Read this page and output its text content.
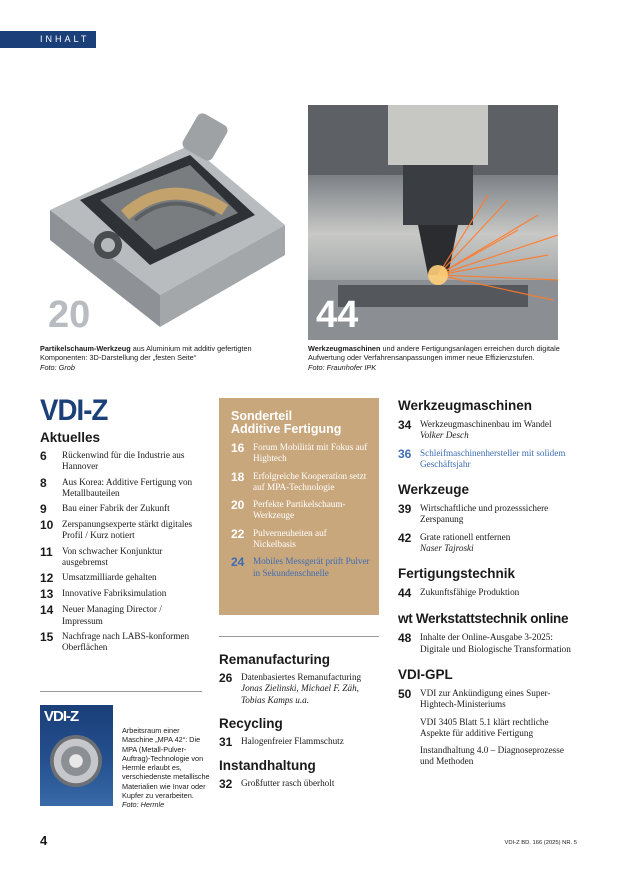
INHALT
20	44
Partikelschaum-Werkzeug aus Aluminium mit additiv gefertigten Komponenten: 3D-Darstellung der „festen Seite“
Foto: Grob
Werkzeugmaschinen und andere Fertigungsanlagen erreichen durch digitale Aufwertung oder Verfahrensanpassungen immer neue Effizienzstufen.
Foto: Fraunhofer IPK
VDI-Z
Aktuelles
6	Rückenwind für die Industrie aus Hannover
8	Aus Korea: Additive Fertigung von Metallbauteilen
9	Bau einer Fabrik der Zukunft
10 Zerspanungsexperte stärkt digitales Profil / Kurz notiert
11	Von schwacher Konjunktur ausgebremst
12 Umsatzmilliarde gehalten
13 Innovative Fabriksimulation
14 Neuer Managing Director / Impressum
15 Nachfrage nach LABS-konformen Oberflächen
VDI-Z
Arbeitsraum einer Maschine „MPA 42“: Die MPA (Metall-Pulver-Auftrag)-Technologie von Hermle erlaubt es, verschiedenste metallische Materialien wie Invar oder Kupfer zu verarbeiten.
Foto: Hermle
Sonderteil
Additive Fertigung
16 Forum Mobilität mit Fokus auf Hightech
18 Erfolgreiche Kooperation setzt auf MPA-Technologie
20 Perfekte Partikelschaum-Werkzeuge
22 Pulverneuheiten auf Nickelbasis
24 Mobiles Messgerät prüft Pulver in Sekundenschnelle
Remanufacturing
26 Datenbasiertes Remanufacturing
Jonas Zielinski, Michael F. Zäh, Tobias Kamps u.a.
Recycling
31 Halogenfreier Flammschutz
Instandhaltung
32 Großfutter rasch überholt
Werkzeugmaschinen
34 Werkzeugmaschinenbau im Wandel
Volker Desch
36 Schleifmaschinenhersteller mit solidem Geschäftsjahr
Werkzeuge
39 Wirtschaftliche und prozesssichere Zerspanung
42 Grate rationell entfernen
Naser Tajroski
Fertigungstechnik
44 Zukunftsfähige Produktion
wt Werkstattstechnik online
48 Inhalte der Online-Ausgabe 3-2025: Digitale und Biologische Transformation
VDI-GPL
50 VDI zur Ankündigung eines Super-Hightech-Ministeriums
VDI 3405 Blatt 5.1 klärt rechtliche Aspekte für additive Fertigung
Instandhaltung 4.0 – Diagnoseprozesse und Methoden
4	VDI-Z BD. 166 (2025) NR. 5
